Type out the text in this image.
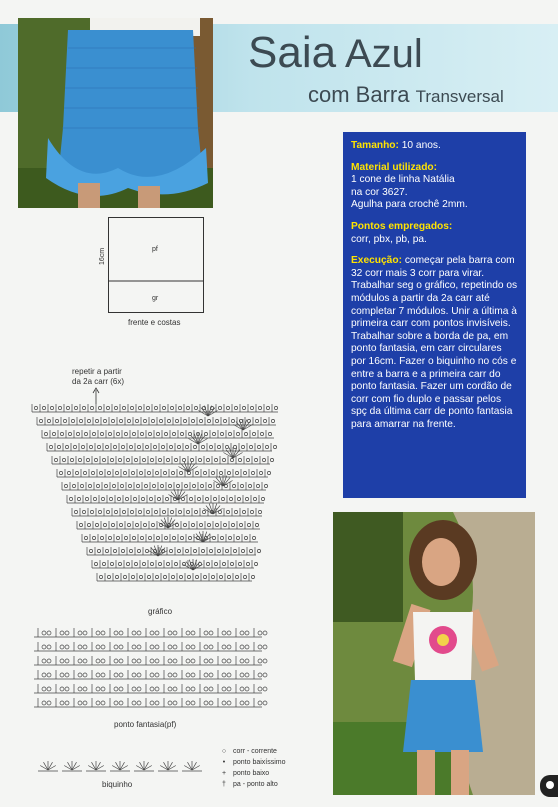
Saia Azul
com Barra Transversal

Tamanho: 10 anos.

Material utilizado:
1 cone de linha Natália
na cor 3627.
Agulha para crochê 2mm.

Pontos empregados:
corr, pbx, pb, pa.

Execução: começar pela barra com 32 corr mais 3 corr para virar. Trabalhar seg o gráfico, repetindo os módulos a partir da 2a carr até completar 7 módulos. Unir a última à primeira carr com pontos invisíveis. Trabalhar sobre a borda de pa, em ponto fantasia, em carr circulares por 16cm. Fazer o biquinho no cós e entre a barra e a primeira carr do ponto fantasia. Fazer um cordão de corr com fio duplo e passar pelos spç da última carr de ponto fantasia para amarrar na frente.

16cm	pf
gr
frente e costas
repetir a partir
da 2a carr (6x)
gráfico
ponto fantasia(pf)
biquinho
○ corr - corrente
•	ponto baixíssimo
+ ponto baixo
† pa - ponto alto
